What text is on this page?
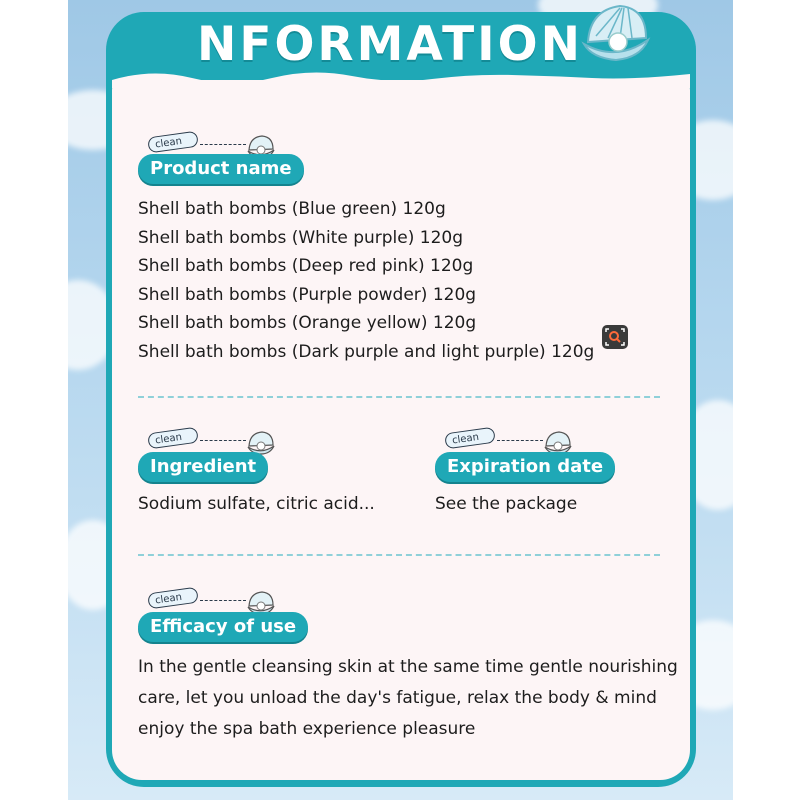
NFORMATION
clean
Product name
Shell bath bombs (Blue green) 120g
Shell bath bombs (White purple) 120g
Shell bath bombs (Deep red pink) 120g
Shell bath bombs (Purple powder) 120g
Shell bath bombs (Orange yellow) 120g
Shell bath bombs (Dark purple and light purple) 120g
clean
Ingredient
Sodium sulfate, citric acid...
clean
Expiration date
See the package
clean
Efficacy of use
In the gentle cleansing skin at the same time gentle nourishing
care, let you unload the day's fatigue, relax the body & mind
enjoy the spa bath experience pleasure
